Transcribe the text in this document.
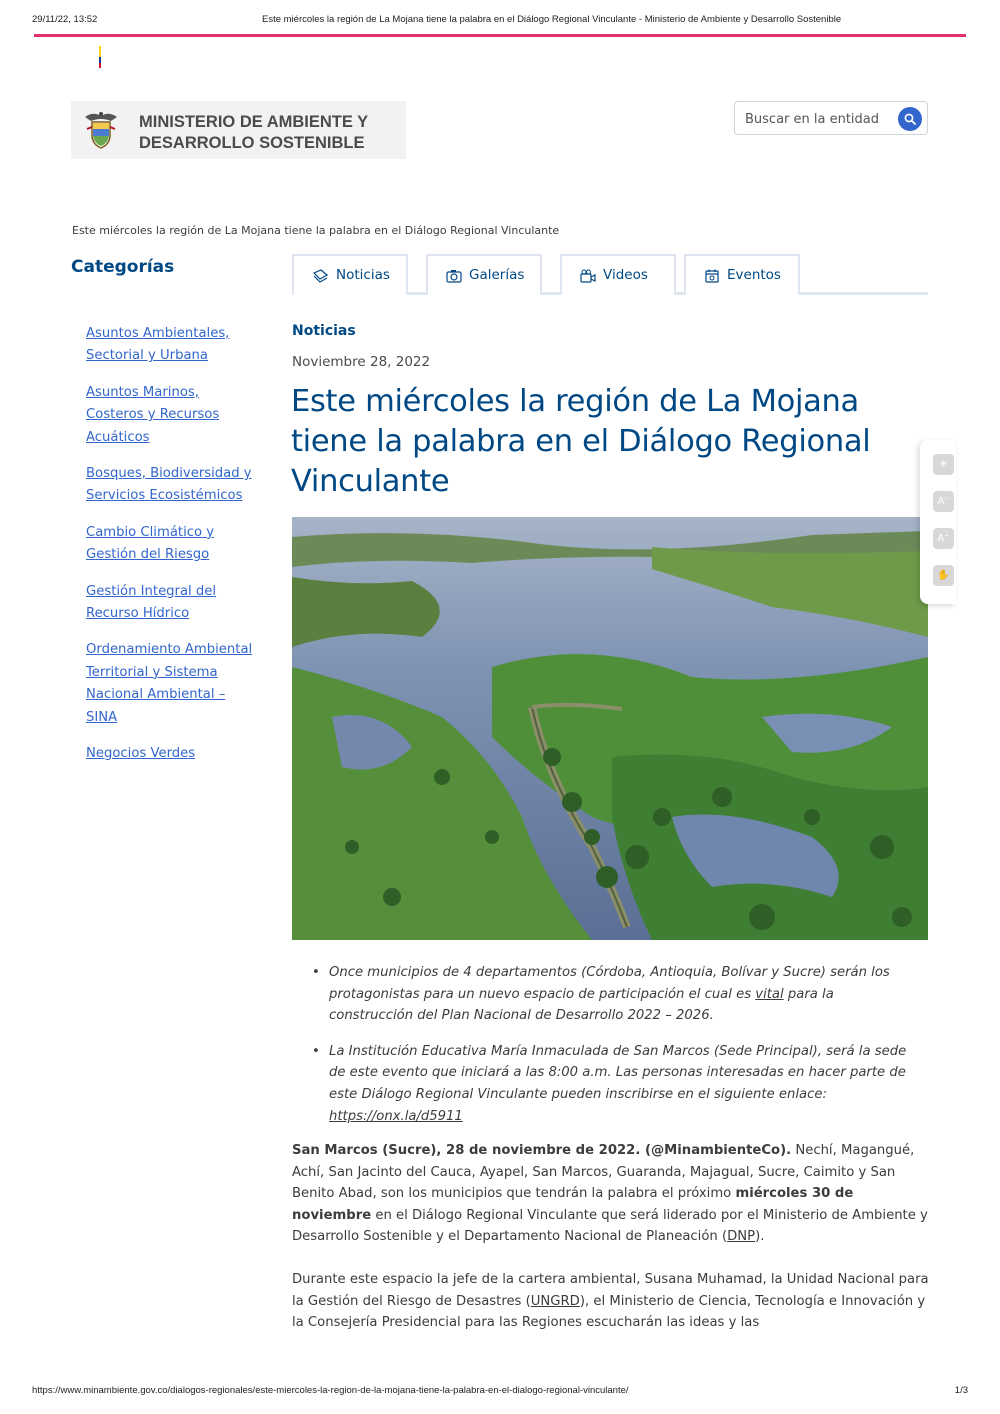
29/11/22, 13:52	Este miércoles la región de La Mojana tiene la palabra en el Diálogo Regional Vinculante - Ministerio de Ambiente y Desarrollo Sostenible
MINISTERIO DE AMBIENTE Y
DESARROLLO SOSTENIBLE
Buscar en la entidad
Este miércoles la región de La Mojana tiene la palabra en el Diálogo Regional Vinculante
Categorías
Asuntos Ambientales, Sectorial y Urbana
Asuntos Marinos, Costeros y Recursos Acuáticos
Bosques, Biodiversidad y Servicios Ecosistémicos
Cambio Climático y Gestión del Riesgo
Gestión Integral del Recurso Hídrico
Ordenamiento Ambiental Territorial y Sistema Nacional Ambiental – SINA
Negocios Verdes
Noticias	Galerías	Videos	Eventos
Noticias
Noviembre 28, 2022
Este miércoles la región de La Mojana tiene la palabra en el Diálogo Regional Vinculante	☀
A⁻
A⁺
✋
• Once municipios de 4 departamentos (Córdoba, Antioquia, Bolívar y Sucre) serán los protagonistas para un nuevo espacio de participación el cual es vital para la construcción del Plan Nacional de Desarrollo 2022 – 2026.
• La Institución Educativa María Inmaculada de San Marcos (Sede Principal), será la sede de este evento que iniciará a las 8:00 a.m. Las personas interesadas en hacer parte de este Diálogo Regional Vinculante pueden inscribirse en el siguiente enlace: https://onx.la/d5911

San Marcos (Sucre), 28 de noviembre de 2022. (@MinambienteCo). Nechí, Magangué, Achí, San Jacinto del Cauca, Ayapel, San Marcos, Guaranda, Majagual, Sucre, Caimito y San Benito Abad, son los municipios que tendrán la palabra el próximo miércoles 30 de noviembre en el Diálogo Regional Vinculante que será liderado por el Ministerio de Ambiente y Desarrollo Sostenible y el Departamento Nacional de Planeación (DNP).

Durante este espacio la jefe de la cartera ambiental, Susana Muhamad, la Unidad Nacional para la Gestión del Riesgo de Desastres (UNGRD), el Ministerio de Ciencia, Tecnología e Innovación y la Consejería Presidencial para las Regiones escucharán las ideas y las

https://www.minambiente.gov.co/dialogos-regionales/este-miercoles-la-region-de-la-mojana-tiene-la-palabra-en-el-dialogo-regional-vinculante/	1/3
